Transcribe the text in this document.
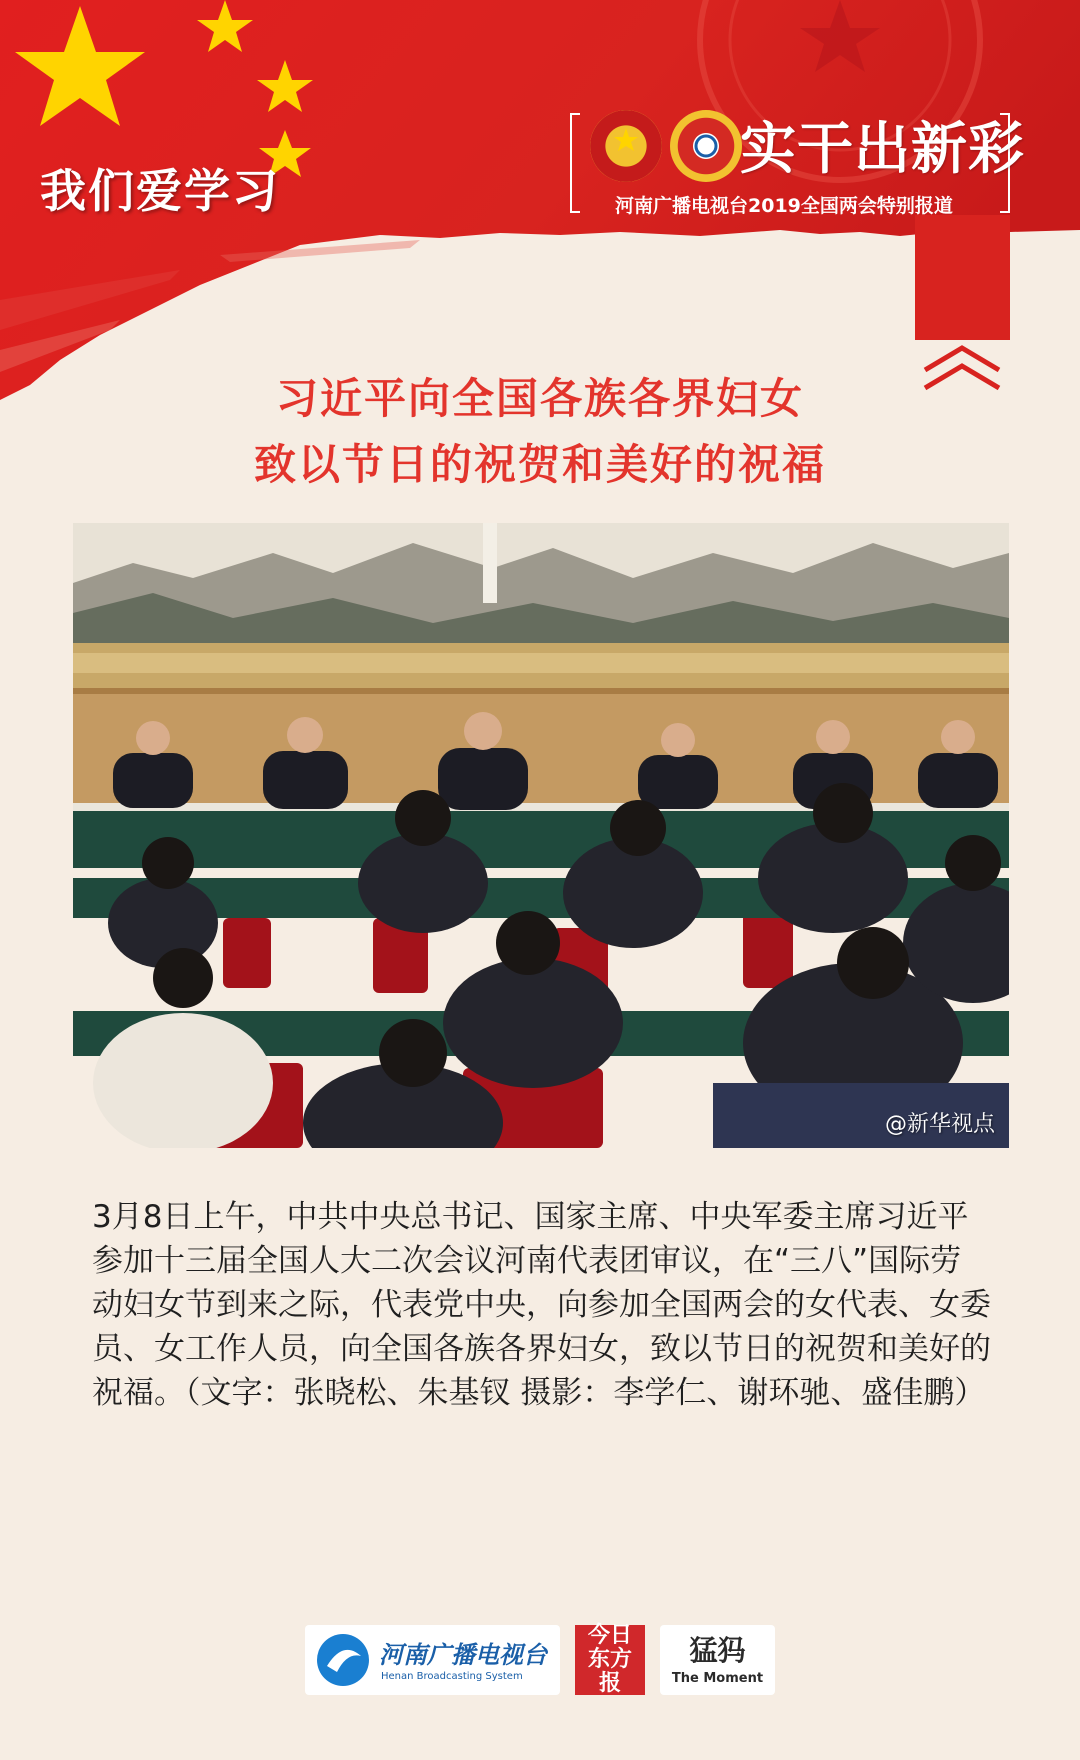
我们爱学习
实干出新彩
河南广播电视台2019全国两会特别报道
习近平向全国各族各界妇女
致以节日的祝贺和美好的祝福
@新华视点
3月8日上午，中共中央总书记、国家主席、中央军委主席习近平参加十三届全国人大二次会议河南代表团审议，在“三八”国际劳动妇女节到来之际，代表党中央，向参加全国两会的女代表、女委员、女工作人员，向全国各族各界妇女，致以节日的祝贺和美好的祝福。（文字：张晓松、朱基钗 摄影：李学仁、谢环驰、盛佳鹏）
河南广播电视台
Henan Broadcasting System
今日东方报
猛犸
The Moment
